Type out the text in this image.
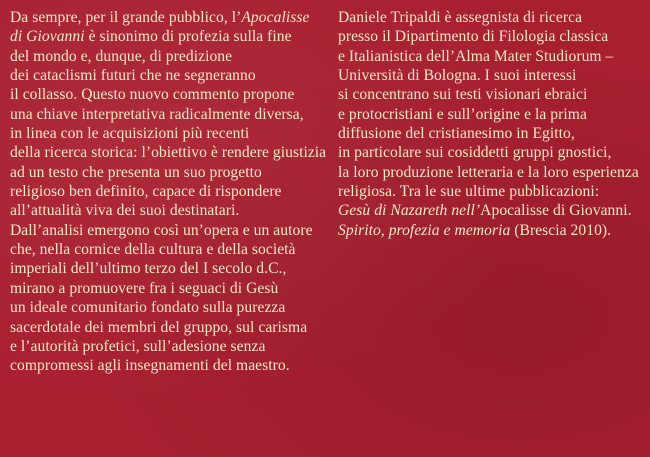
Da sempre, per il grande pubblico, l’Apocalisse
di Giovanni è sinonimo di profezia sulla fine
del mondo e, dunque, di predizione
dei cataclismi futuri che ne segneranno
il collasso. Questo nuovo commento propone
una chiave interpretativa radicalmente diversa,
in linea con le acquisizioni più recenti
della ricerca storica: l’obiettivo è rendere giustizia
ad un testo che presenta un suo progetto
religioso ben definito, capace di rispondere
all’attualità viva dei suoi destinatari.
Dall’analisi emergono così un’opera e un autore
che, nella cornice della cultura e della società
imperiali dell’ultimo terzo del I secolo d.C.,
mirano a promuovere fra i seguaci di Gesù
un ideale comunitario fondato sulla purezza
sacerdotale dei membri del gruppo, sul carisma
e l’autorità profetici, sull’adesione senza
compromessi agli insegnamenti del maestro.
Daniele Tripaldi è assegnista di ricerca
presso il Dipartimento di Filologia classica
e Italianistica dell’Alma Mater Studiorum –
Università di Bologna. I suoi interessi
si concentrano sui testi visionari ebraici
e protocristiani e sull’origine e la prima
diffusione del cristianesimo in Egitto,
in particolare sui cosiddetti gruppi gnostici,
la loro produzione letteraria e la loro esperienza
religiosa. Tra le sue ultime pubblicazioni:
Gesù di Nazareth nell’Apocalisse di Giovanni.
Spirito, profezia e memoria (Brescia 2010).
